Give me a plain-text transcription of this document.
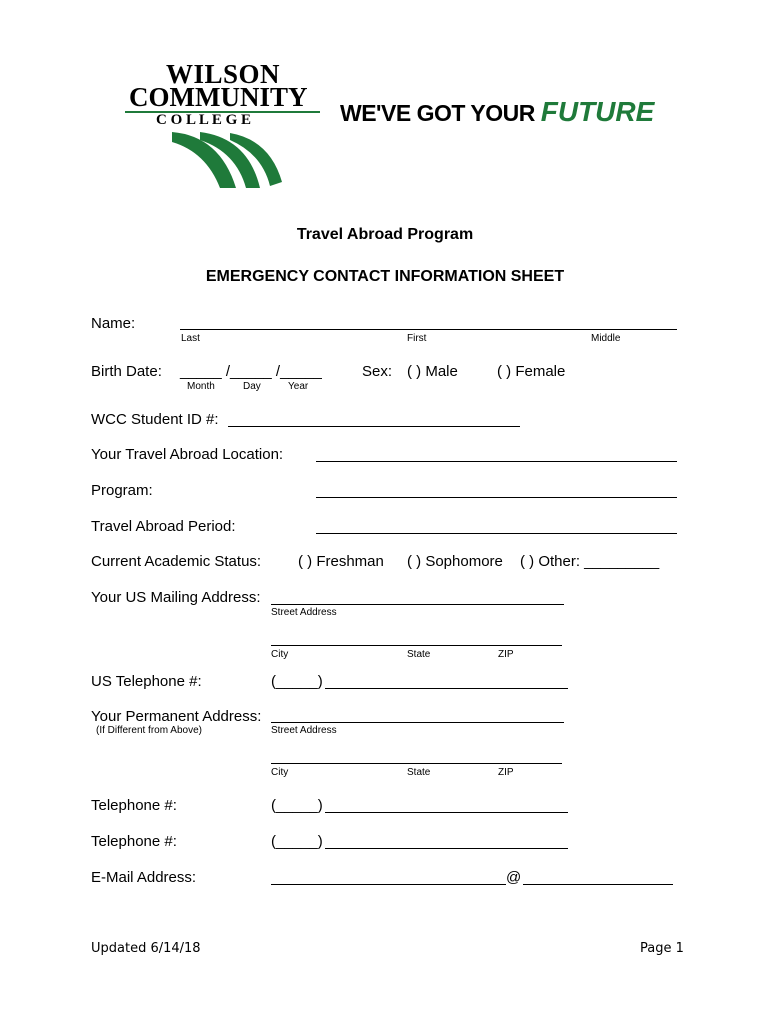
WILSON
COMMUNITY
C O L L E G E	WE'VE GOT YOUR FUTURE
Travel Abroad Program
EMERGENCY CONTACT INFORMATION SHEET
Name:
Last	First	Middle
Birth Date: _____ /_____ /_____
Month	Day	Year
Sex: ( ) Male	( ) Female
WCC Student ID #:
Your Travel Abroad Location:
Program:
Travel Abroad Period:
Current Academic Status: ( ) Freshman ( ) Sophomore ( ) Other: _________
Your US Mailing Address:
Street Address
City	State	ZIP
US Telephone #:	(_____)
Your Permanent Address:
(If Different from Above)	Street Address
City	State	ZIP
Telephone #:	(_____)
Telephone #:	(_____)
E-Mail Address:	@
Updated 6/14/18	Page 1
